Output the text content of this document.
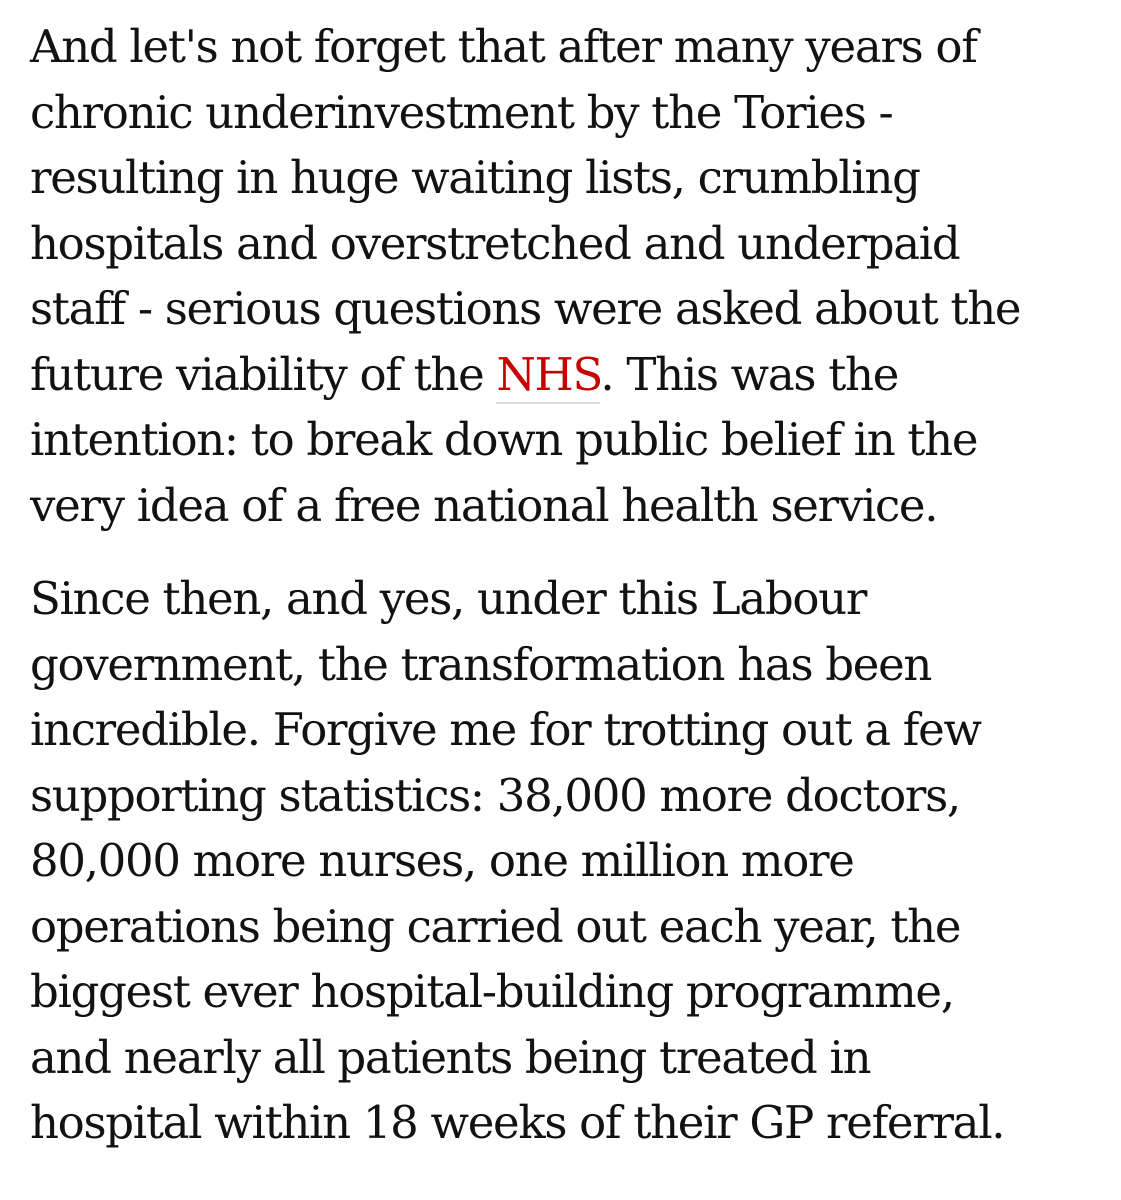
And let's not forget that after many years of
chronic underinvestment by the Tories -
resulting in huge waiting lists, crumbling
hospitals and overstretched and underpaid
staff - serious questions were asked about the
future viability of the NHS. This was the
intention: to break down public belief in the
very idea of a free national health service.

Since then, and yes, under this Labour
government, the transformation has been
incredible. Forgive me for trotting out a few
supporting statistics: 38,000 more doctors,
80,000 more nurses, one million more
operations being carried out each year, the
biggest ever hospital-building programme,
and nearly all patients being treated in
hospital within 18 weeks of their GP referral.
